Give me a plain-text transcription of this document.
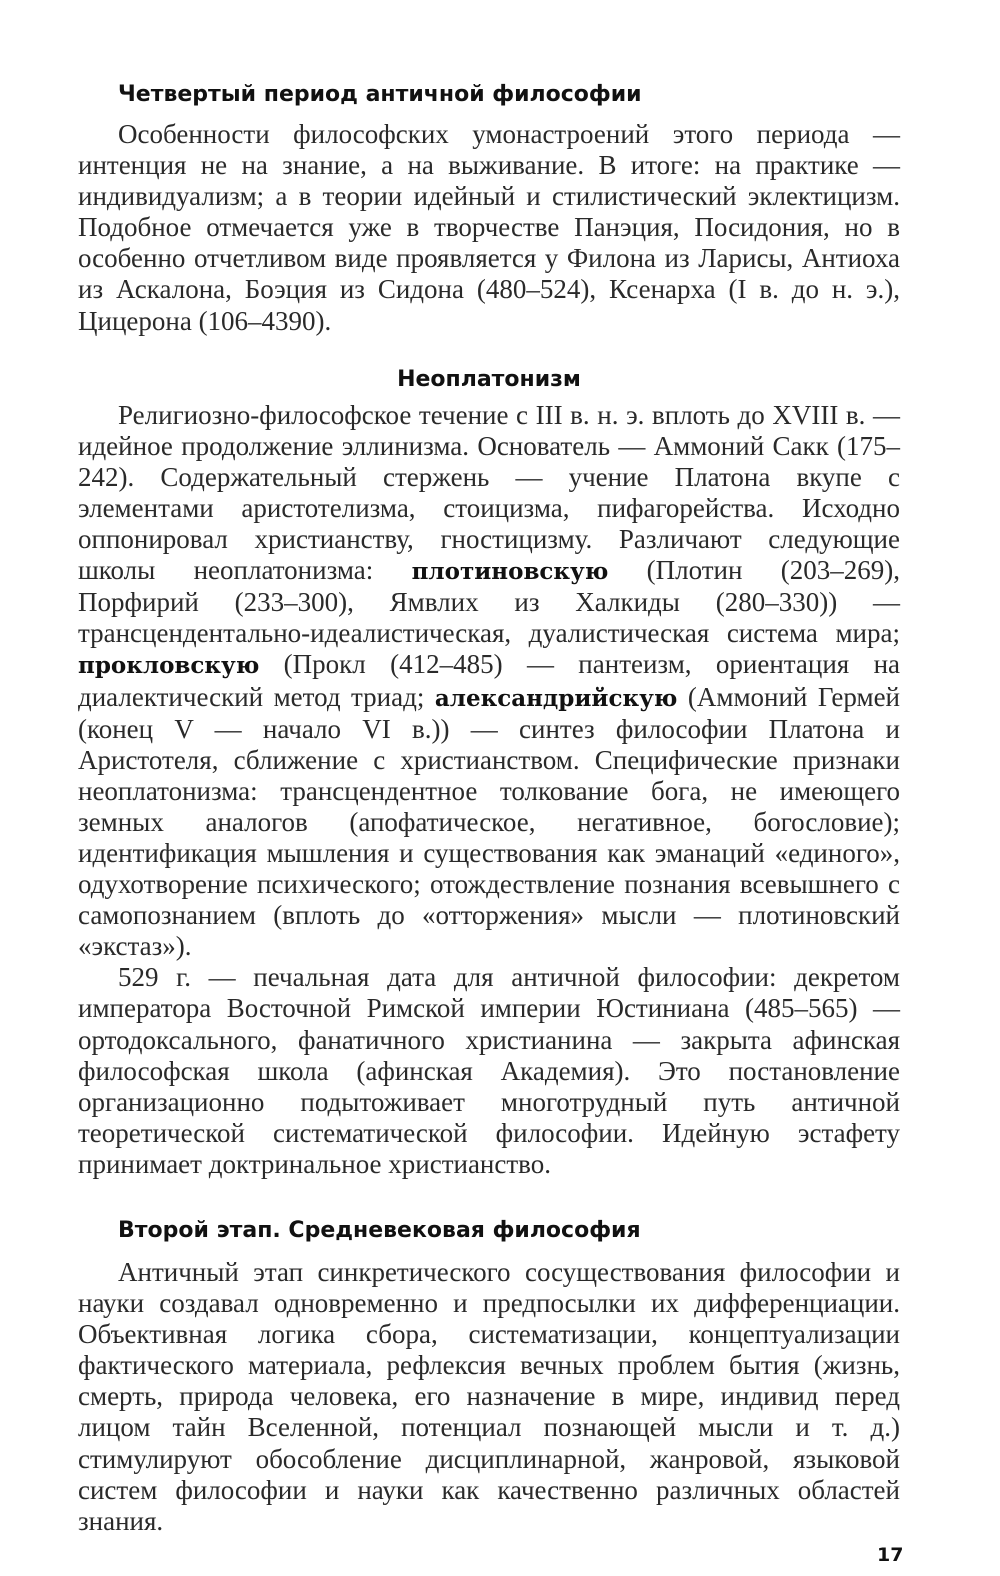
Четвертый период античной философии

Особенности философских умонастроений этого периода — интенция не на знание, а на выживание. В итоге: на практике — индивидуализм; а в теории идейный и стилистический эклектицизм. Подобное отмечается уже в творчестве Панэция, Посидония, но в особенно отчетливом виде проявляется у Филона из Ларисы, Антиоха из Аскалона, Боэция из Сидона (480–524), Ксенарха (I в. до н. э.), Цицерона (106–4390).

Неоплатонизм

Религиозно-философское течение с III в. н. э. вплоть до XVIII в. — идейное продолжение эллинизма. Основатель — Аммоний Сакк (175–242). Содержательный стержень — учение Платона вкупе с элементами аристотелизма, стоицизма, пифагорейства. Исходно оппонировал христианству, гностицизму. Различают следующие школы неоплатонизма: плотиновскую (Плотин (203–269), Порфирий (233–300), Ямвлих из Халкиды (280–330)) — трансцендентально-идеалистическая, дуалистическая система мира; прокловскую (Прокл (412–485) — пантеизм, ориентация на диалектический метод триад; александрийскую (Аммоний Гермей (конец V — начало VI в.)) — синтез философии Платона и Аристотеля, сближение с христианством. Специфические признаки неоплатонизма: трансцендентное толкование бога, не имеющего земных аналогов (апофатическое, негативное, богословие); идентификация мышления и существования как эманаций «единого», одухотворение психического; отождествление познания всевышнего с самопознанием (вплоть до «отторжения» мысли — плотиновский «экстаз»).

529 г. — печальная дата для античной философии: декретом императора Восточной Римской империи Юстиниана (485–565) — ортодоксального, фанатичного христианина — закрыта афинская философская школа (афинская Академия). Это постановление организационно подытоживает многотрудный путь античной теоретической систематической философии. Идейную эстафету принимает доктринальное христианство.

Второй этап. Средневековая философия

Античный этап синкретического сосуществования философии и науки создавал одновременно и предпосылки их дифференциации. Объективная логика сбора, систематизации, концептуализации фактического материала, рефлексия вечных проблем бытия (жизнь, смерть, природа человека, его назначение в мире, индивид перед лицом тайн Вселенной, потенциал познающей мысли и т. д.) стимулируют обособление дисциплинарной, жанровой, языковой систем философии и науки как качественно различных областей знания.

17
